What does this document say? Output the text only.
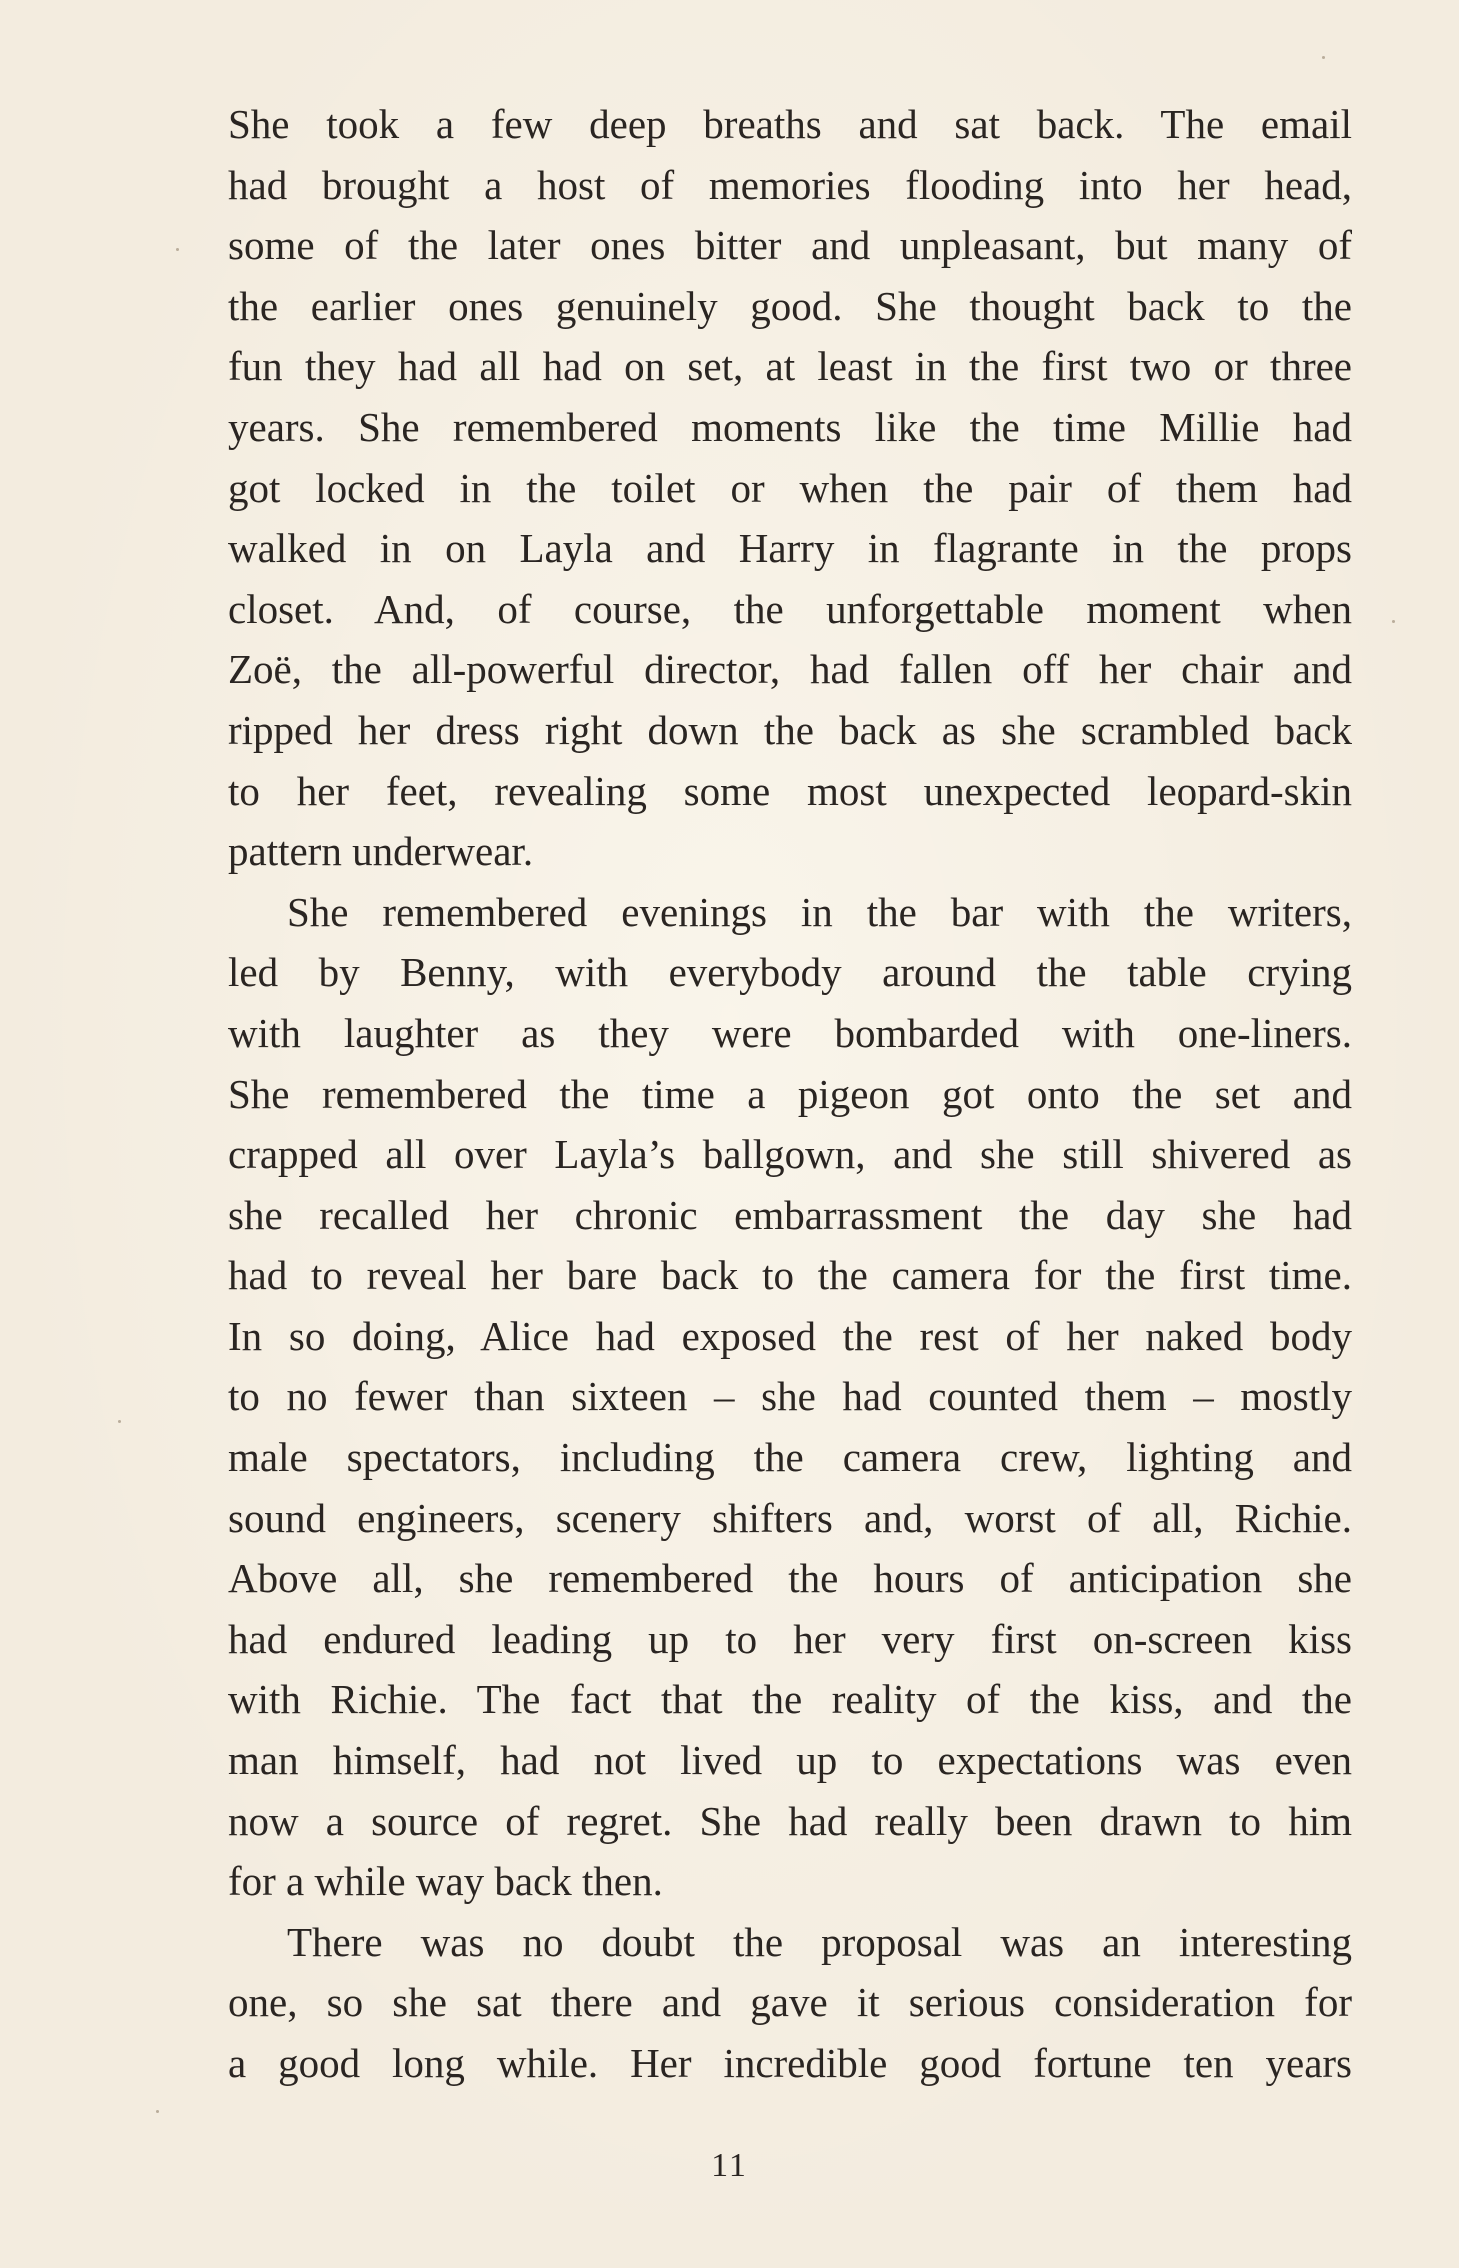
She took a few deep breaths and sat back. The email
had brought a host of memories flooding into her head,
some of the later ones bitter and unpleasant, but many of
the earlier ones genuinely good. She thought back to the
fun they had all had on set, at least in the first two or three
years. She remembered moments like the time Millie had
got locked in the toilet or when the pair of them had
walked in on Layla and Harry in flagrante in the props
closet. And, of course, the unforgettable moment when
Zoë, the all-powerful director, had fallen off her chair and
ripped her dress right down the back as she scrambled back
to her feet, revealing some most unexpected leopard-skin
pattern underwear.
She remembered evenings in the bar with the writers,
led by Benny, with everybody around the table crying
with laughter as they were bombarded with one-liners.
She remembered the time a pigeon got onto the set and
crapped all over Layla’s ballgown, and she still shivered as
she recalled her chronic embarrassment the day she had
had to reveal her bare back to the camera for the first time.
In so doing, Alice had exposed the rest of her naked body
to no fewer than sixteen – she had counted them – mostly
male spectators, including the camera crew, lighting and
sound engineers, scenery shifters and, worst of all, Richie.
Above all, she remembered the hours of anticipation she
had endured leading up to her very first on-screen kiss
with Richie. The fact that the reality of the kiss, and the
man himself, had not lived up to expectations was even
now a source of regret. She had really been drawn to him
for a while way back then.
There was no doubt the proposal was an interesting
one, so she sat there and gave it serious consideration for
a good long while. Her incredible good fortune ten years
11
